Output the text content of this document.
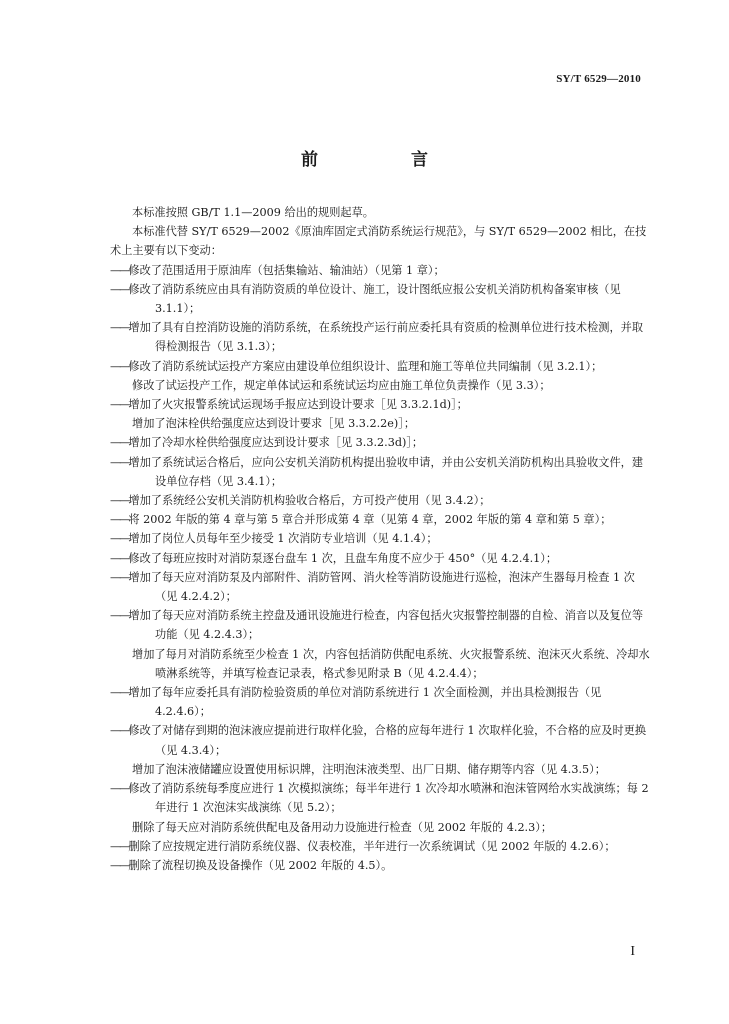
SY/T 6529—2010
前　言

本标准按照 GB/T 1.1—2009 给出的规则起草。

本标准代替 SY/T 6529—2002《原油库固定式消防系统运行规范》，与 SY/T 6529—2002 相比，在技术上主要有以下变动：

——修改了范围适用于原油库（包括集输站、输油站）（见第 1 章）；

——修改了消防系统应由具有消防资质的单位设计、施工，设计图纸应报公安机关消防机构备案审核（见 3.1.1）；

——增加了具有自控消防设施的消防系统，在系统投产运行前应委托具有资质的检测单位进行技术检测，并取得检测报告（见 3.1.3）；

——修改了消防系统试运投产方案应由建设单位组织设计、监理和施工等单位共同编制（见 3.2.1）；

修改了试运投产工作，规定单体试运和系统试运均应由施工单位负责操作（见 3.3）；

——增加了火灾报警系统试运现场手报应达到设计要求［见 3.3.2.1d)］；

增加了泡沫栓供给强度应达到设计要求［见 3.3.2.2e)］；

——增加了冷却水栓供给强度应达到设计要求［见 3.3.2.3d)］；

——增加了系统试运合格后，应向公安机关消防机构提出验收申请，并由公安机关消防机构出具验收文件，建设单位存档（见 3.4.1）；

——增加了系统经公安机关消防机构验收合格后，方可投产使用（见 3.4.2）；

——将 2002 年版的第 4 章与第 5 章合并形成第 4 章（见第 4 章，2002 年版的第 4 章和第 5 章）；

——增加了岗位人员每年至少接受 1 次消防专业培训（见 4.1.4）；

——修改了每班应按时对消防泵逐台盘车 1 次，且盘车角度不应少于 450°（见 4.2.4.1）；

——增加了每天应对消防泵及内部附件、消防管网、消火栓等消防设施进行巡检，泡沫产生器每月检查 1 次（见 4.2.4.2）；

——增加了每天应对消防系统主控盘及通讯设施进行检查，内容包括火灾报警控制器的自检、消音以及复位等功能（见 4.2.4.3）；

增加了每月对消防系统至少检查 1 次，内容包括消防供配电系统、火灾报警系统、泡沫灭火系统、冷却水喷淋系统等，并填写检查记录表，格式参见附录 B（见 4.2.4.4）；

——增加了每年应委托具有消防检验资质的单位对消防系统进行 1 次全面检测，并出具检测报告（见 4.2.4.6）；

——修改了对储存到期的泡沫液应提前进行取样化验，合格的应每年进行 1 次取样化验，不合格的应及时更换（见 4.3.4）；

增加了泡沫液储罐应设置使用标识牌，注明泡沫液类型、出厂日期、储存期等内容（见 4.3.5）；

——修改了消防系统每季度应进行 1 次模拟演练；每半年进行 1 次冷却水喷淋和泡沫管网给水实战演练；每 2 年进行 1 次泡沫实战演练（见 5.2）；

删除了每天应对消防系统供配电及备用动力设施进行检查（见 2002 年版的 4.2.3）；

——删除了应按规定进行消防系统仪器、仪表校准，半年进行一次系统调试（见 2002 年版的 4.2.6）；

——删除了流程切换及设备操作（见 2002 年版的 4.5）。

I
